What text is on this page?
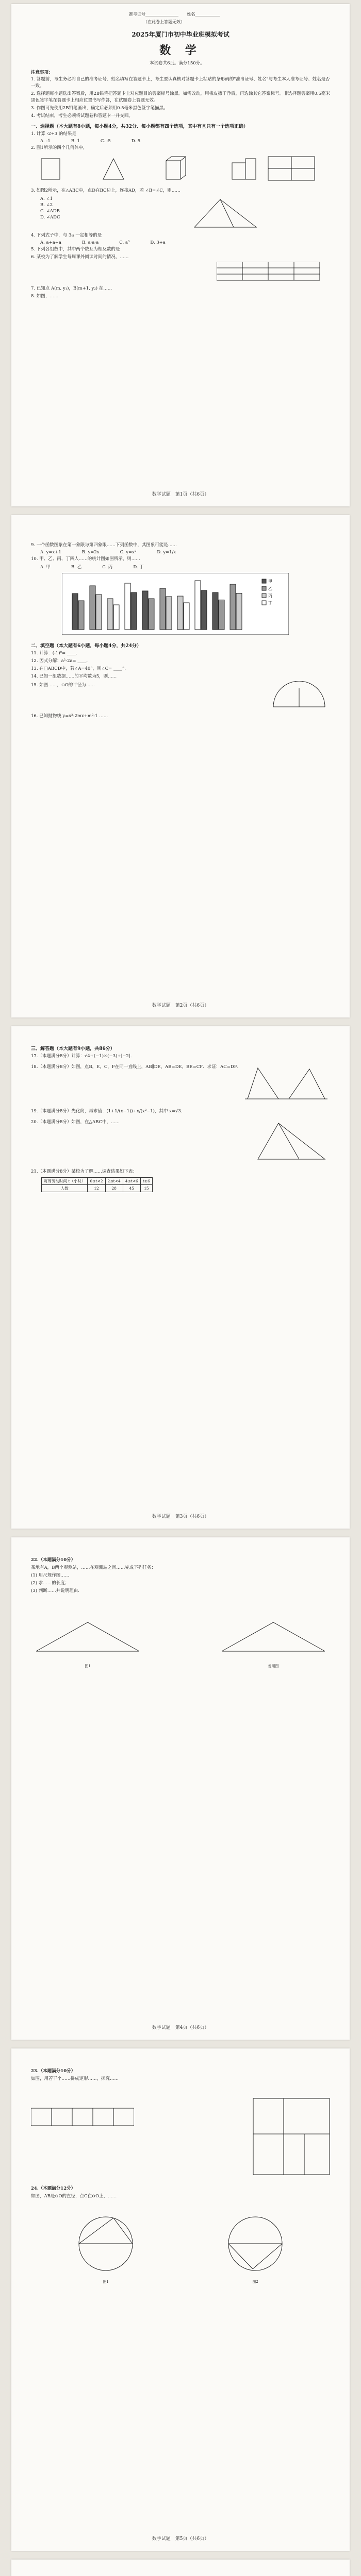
准考证号________________ 姓名____________
（在此卷上答题无效）
2025年厦门市初中毕业班模拟考试
数 学
本试卷共6页。满分150分。
注意事项：
1. 答题前，考生务必将自己的准考证号、姓名填写在答题卡上，考生要认真核对答题卡上粘贴的条形码的"准考证号、姓名"与考生本人准考证号、姓名是否一致。
2. 选择题每小题选出答案后，用2B铅笔把答题卡上对应题目的答案标号涂黑。如需改动，用橡皮擦干净后，再选涂其它答案标号。非选择题答案用0.5毫米黑色签字笔在答题卡上相应位置书写作答，在试题卷上答题无效。
3. 作图可先使用2B铅笔画出，确定后必须用0.5毫米黑色签字笔描黑。
4. 考试结束，考生必须将试题卷和答题卡一并交回。
一、选择题（本大题有8小题，每小题4分，共32分．每小题都有四个选项，其中有且只有一个选项正确）
1. 计算 -2+3 的结果是
A. -1	B. 1	C. -5	D. 5
2. 图1所示的四个几何体中，
3. 如图2所示，在△ABC中，点D在BC边上，连接AD，若 ∠B=∠C，则……
A. ∠1
B. ∠2
C. ∠ADB
D. ∠ADC
4. 下列式子中，与 3a 一定相等的是
A. a+a+a	B. a·a·a	C. a³	D. 3+a
5. 下列各组数中，其中两个数互为相反数的是
6. 某校为了解学生每周课外阅读时间的情况，……
7. 已知点 A(m, y₁)，B(m+1, y₂) 在……
8. 如图，……
数学试题　第1页（共6页）
9. 一个函数图象在第一象限与第四象限……下列函数中，其图象可能是……
A. y=x+1	B. y=2x	C. y=x²	D. y=1/x
10. 甲、乙、丙、丁四人……的统计图如图所示，则……
A. 甲	B. 乙	C. 丙	D. 丁
甲
乙
丙
丁
二、填空题（本大题有6小题，每小题4分，共24分）
11. 计算：(-1)⁰= ____．
12. 因式分解：a²-2a= ____．
13. 在□ABCD中，若∠A=40°，则∠C= ____°．
14. 已知一组数据……的平均数为5，则……
15. 如图……，⊙O的半径为……
16. 已知抛物线 y=x²-2mx+m²-1 ……
数学试题　第2页（共6页）
三、解答题（本大题有9小题，共86分）
17.（本题满分8分）计算：√4+(−1)×(−3)÷|−2|．
18.（本题满分8分）如图，点B，E，C，F在同一直线上，AB∥DE，AB=DE，BE=CF．求证：AC=DF．
19.（本题满分8分）先化简，再求值：(1+1/(x−1))÷x/(x²−1)，其中 x=√3．
20.（本题满分8分）如图，在△ABC中，……
21.（本题满分8分）某校为了解……调查结果如下表：
每周劳动时间 t（小时）	0≤t<2	2≤t<4	4≤t<6	t≥6
人数	12	28	45	15
数学试题　第3页（共6页）
22.（本题满分10分）
某地有A，B两个观测站，……在观测站之间……完成下列任务：
(1) 用尺规作图……
(2) 求……的长度；
(3) 判断……并说明理由．
图1	备用图
数学试题　第4页（共6页）
23.（本题满分10分）
如图，用若干个……拼成矩形……，探究……
24.（本题满分12分）
如图，AB是⊙O的直径，点C在⊙O上，……
图1	图2
数学试题　第5页（共6页）
